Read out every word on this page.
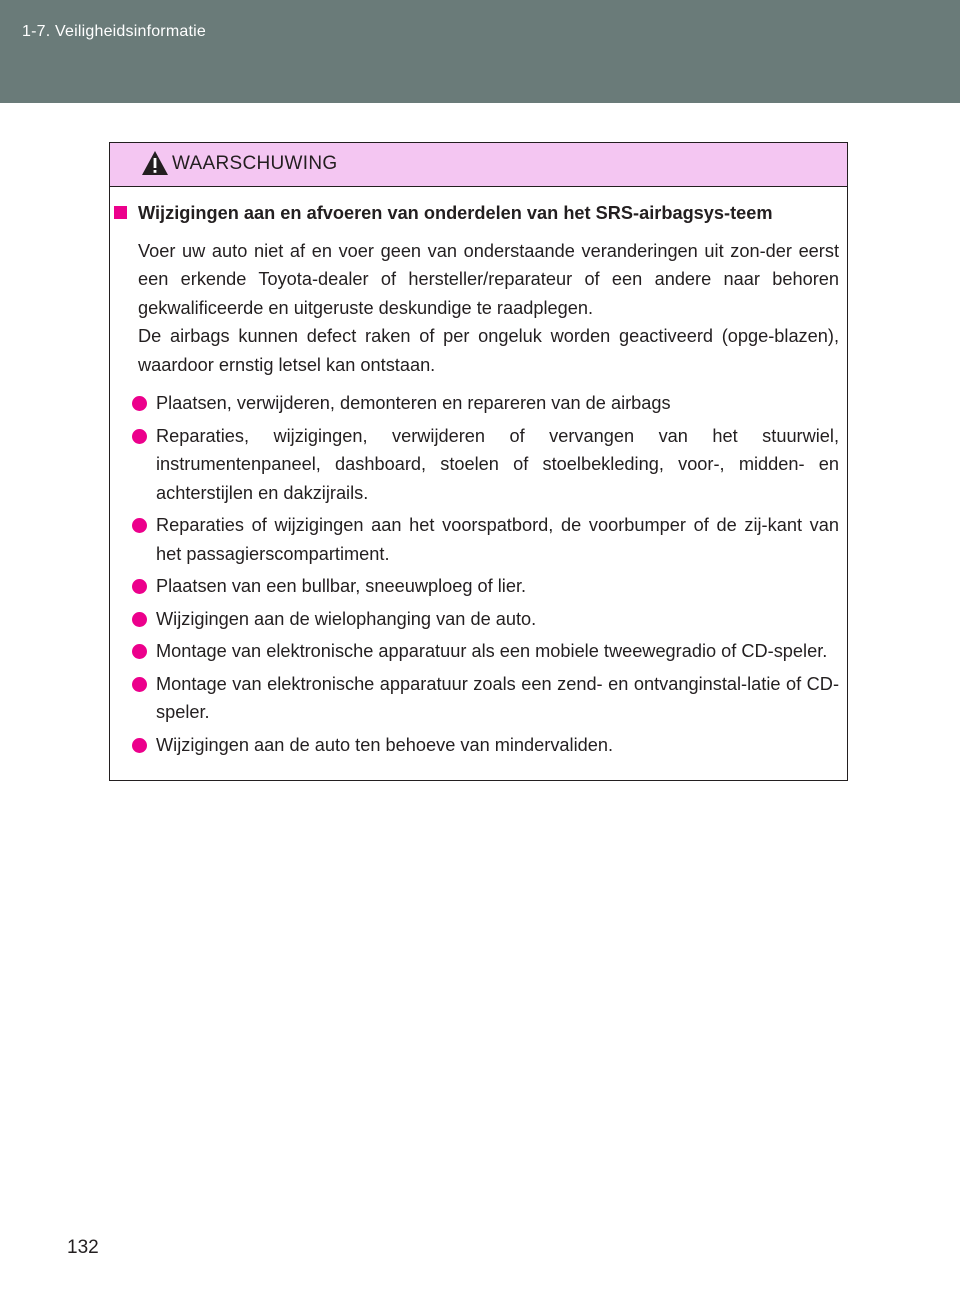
1-7. Veiligheidsinformatie
WAARSCHUWING
Wijzigingen aan en afvoeren van onderdelen van het SRS-airbagsys-teem
Voer uw auto niet af en voer geen van onderstaande veranderingen uit zon-der eerst een erkende Toyota-dealer of hersteller/reparateur of een andere naar behoren gekwalificeerde en uitgeruste deskundige te raadplegen.
De airbags kunnen defect raken of per ongeluk worden geactiveerd (opge-blazen), waardoor ernstig letsel kan ontstaan.
Plaatsen, verwijderen, demonteren en repareren van de airbags
Reparaties, wijzigingen, verwijderen of vervangen van het stuurwiel, instrumentenpaneel, dashboard, stoelen of stoelbekleding, voor-, midden- en achterstijlen en dakzijrails.
Reparaties of wijzigingen aan het voorspatbord, de voorbumper of de zij-kant van het passagierscompartiment.
Plaatsen van een bullbar, sneeuwploeg of lier.
Wijzigingen aan de wielophanging van de auto.
Montage van elektronische apparatuur als een mobiele tweewegradio of CD-speler.
Montage van elektronische apparatuur zoals een zend- en ontvanginstal-latie of CD-speler.
Wijzigingen aan de auto ten behoeve van mindervaliden.
132
